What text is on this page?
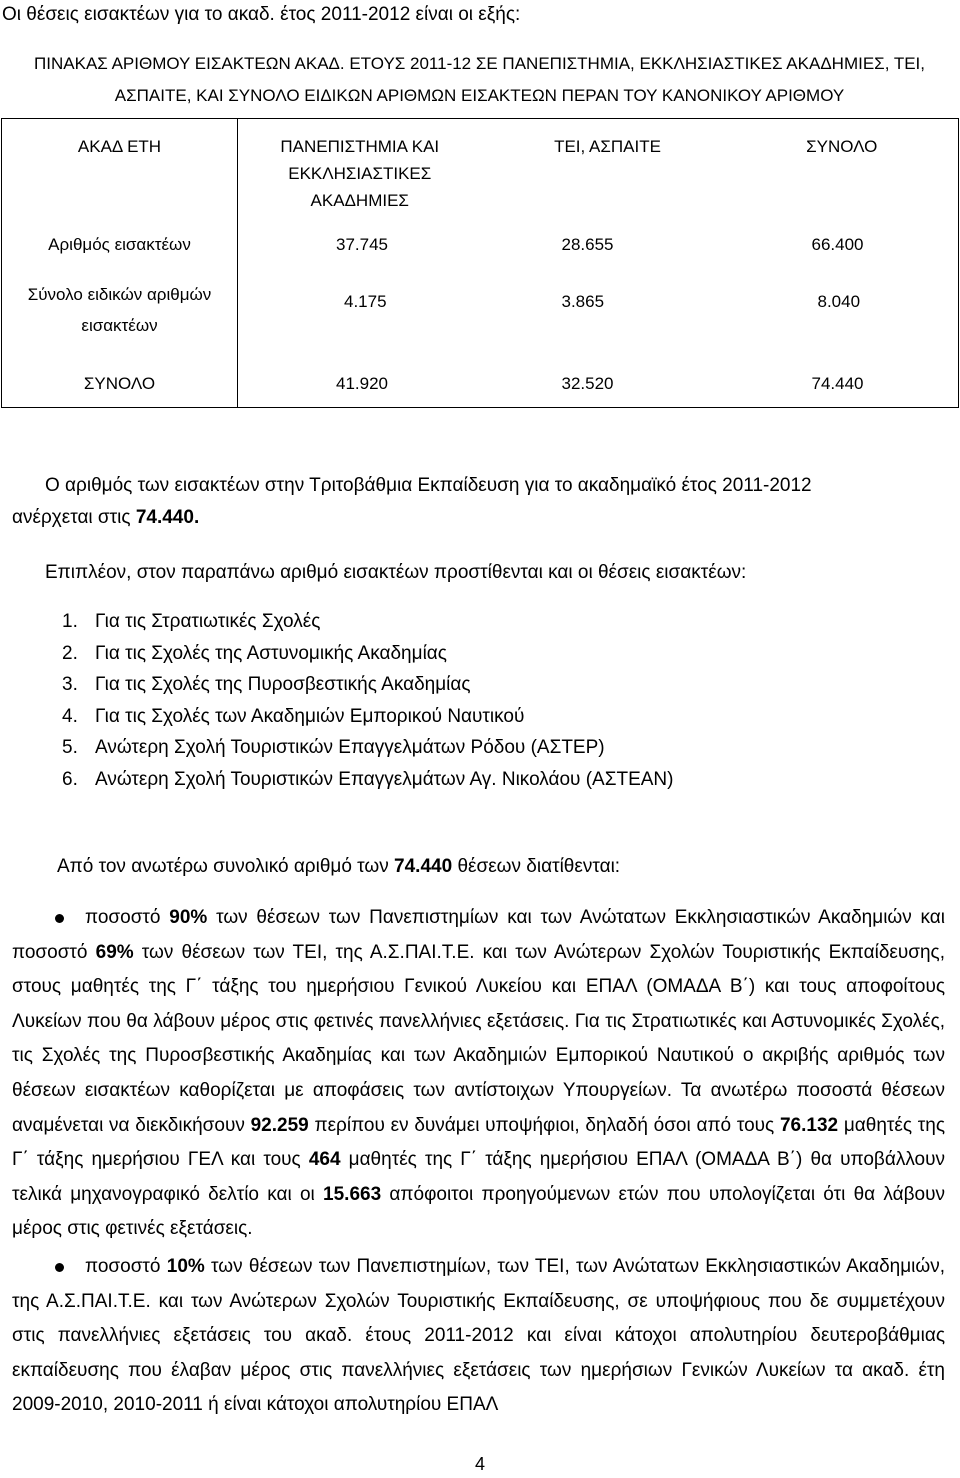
Οι θέσεις εισακτέων για το ακαδ. έτος 2011-2012 είναι οι εξής:
ΠΙΝΑΚΑΣ ΑΡΙΘΜΟΥ ΕΙΣΑΚΤΕΩΝ ΑΚΑΔ. ΕΤΟΥΣ 2011-12 ΣΕ ΠΑΝΕΠΙΣΤΗΜΙΑ, ΕΚΚΛΗΣΙΑΣΤΙΚΕΣ ΑΚΑΔΗΜΙΕΣ, ΤΕΙ,
ΑΣΠΑΙΤΕ, ΚΑΙ ΣΥΝΟΛΟ ΕΙΔΙΚΩΝ ΑΡΙΘΜΩΝ ΕΙΣΑΚΤΕΩΝ ΠΕΡΑΝ ΤΟΥ ΚΑΝΟΝΙΚΟΥ ΑΡΙΘΜΟΥ
ΑΚΑΔ ΕΤΗ	ΠΑΝΕΠΙΣΤΗΜΙΑ ΚΑΙ ΕΚΚΛΗΣΙΑΣΤΙΚΕΣ ΑΚΑΔΗΜΙΕΣ	ΤΕΙ, ΑΣΠΑΙΤΕ	ΣΥΝΟΛΟ
Αριθμός εισακτέων	37.745	28.655	66.400
Σύνολο ειδικών αριθμών εισακτέων	4.175	3.865	8.040
ΣΥΝΟΛΟ	41.920	32.520	74.440
Ο αριθμός των εισακτέων στην Τριτοβάθμια Εκπαίδευση για το ακαδημαϊκό έτος 2011-2012
ανέρχεται στις 74.440.
Επιπλέον, στον παραπάνω αριθμό εισακτέων προστίθενται και οι θέσεις εισακτέων:
1. Για τις Στρατιωτικές Σχολές
2. Για τις Σχολές της Αστυνομικής Ακαδημίας
3. Για τις Σχολές της Πυροσβεστικής Ακαδημίας
4. Για τις Σχολές των Ακαδημιών Εμπορικού Ναυτικού
5. Ανώτερη Σχολή Τουριστικών Επαγγελμάτων Ρόδου (ΑΣΤΕΡ)
6. Ανώτερη Σχολή Τουριστικών Επαγγελμάτων Αγ. Νικολάου (ΑΣΤΕΑΝ)
Από τον ανωτέρω συνολικό αριθμό των 74.440 θέσεων διατίθενται:
ποσοστό 90% των θέσεων των Πανεπιστημίων και των Ανώτατων Εκκλησιαστικών Ακαδημιών και ποσοστό 69% των θέσεων των ΤΕΙ, της Α.Σ.ΠΑΙ.Τ.Ε. και των Ανώτερων Σχολών Τουριστικής Εκπαίδευσης, στους μαθητές της Γ΄ τάξης του ημερήσιου Γενικού Λυκείου και ΕΠΑΛ (ΟΜΑΔΑ Β΄) και τους αποφοίτους Λυκείων που θα λάβουν μέρος στις φετινές πανελλήνιες εξετάσεις. Για τις Στρατιωτικές και Αστυνομικές Σχολές, τις Σχολές της Πυροσβεστικής Ακαδημίας και των Ακαδημιών Εμπορικού Ναυτικού ο ακριβής αριθμός των θέσεων εισακτέων καθορίζεται με αποφάσεις των αντίστοιχων Υπουργείων. Τα ανωτέρω ποσοστά θέσεων αναμένεται να διεκδικήσουν 92.259 περίπου εν δυνάμει υποψήφιοι, δηλαδή όσοι από τους 76.132 μαθητές της Γ΄ τάξης ημερήσιου ΓΕΛ και τους 464 μαθητές της Γ΄ τάξης ημερήσιου ΕΠΑΛ (ΟΜΑΔΑ Β΄) θα υποβάλλουν τελικά μηχανογραφικό δελτίο και οι 15.663 απόφοιτοι προηγούμενων ετών που υπολογίζεται ότι θα λάβουν μέρος στις φετινές εξετάσεις.
ποσοστό 10% των θέσεων των Πανεπιστημίων, των ΤΕΙ, των Ανώτατων Εκκλησιαστικών Ακαδημιών, της Α.Σ.ΠΑΙ.Τ.Ε. και των Ανώτερων Σχολών Τουριστικής Εκπαίδευσης, σε υποψήφιους που δε συμμετέχουν στις πανελλήνιες εξετάσεις του ακαδ. έτους 2011-2012 και είναι κάτοχοι απολυτηρίου δευτεροβάθμιας εκπαίδευσης που έλαβαν μέρος στις πανελλήνιες εξετάσεις των ημερήσιων Γενικών Λυκείων τα ακαδ. έτη 2009-2010, 2010-2011 ή είναι κάτοχοι απολυτηρίου ΕΠΑΛ
4
